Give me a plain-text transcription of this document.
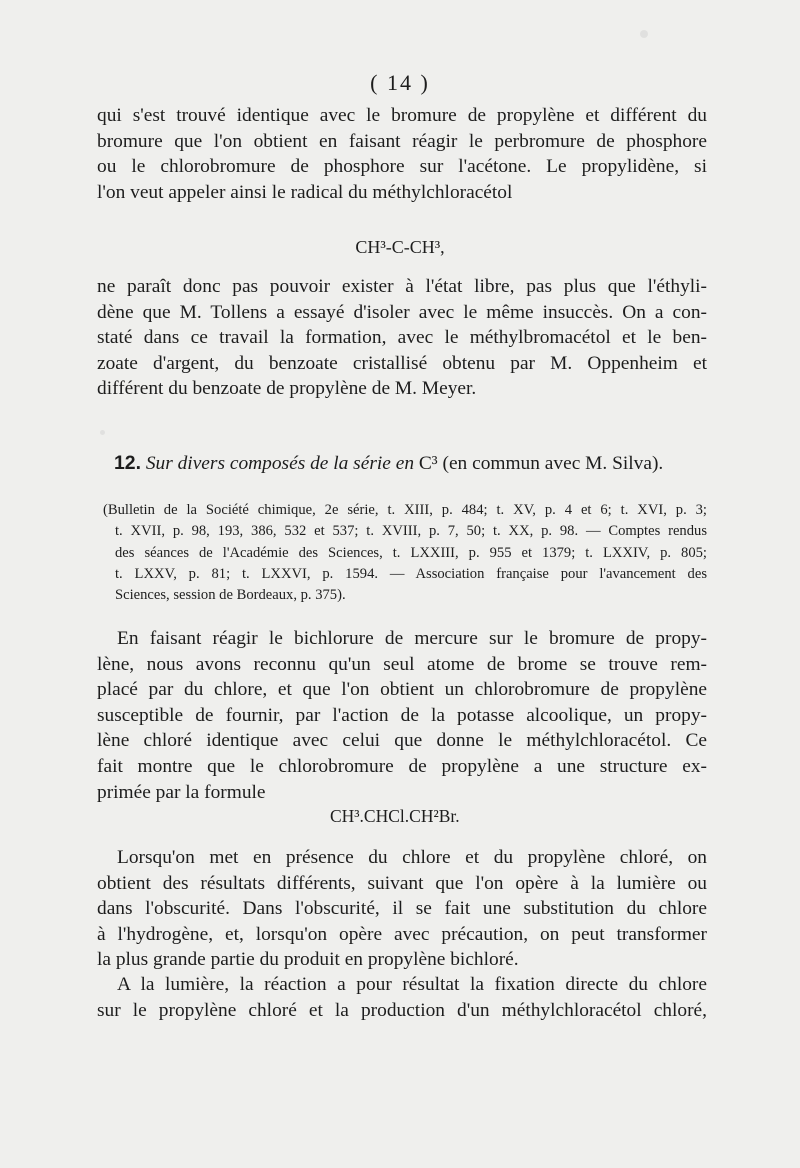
( 14 )
qui s'est trouvé identique avec le bromure de propylène et différent du
bromure que l'on obtient en faisant réagir le perbromure de phosphore
ou le chlorobromure de phosphore sur l'acétone. Le propylidène, si
l'on veut appeler ainsi le radical du méthylchloracétol
CH³-C-CH³,
ne paraît donc pas pouvoir exister à l'état libre, pas plus que l'éthyli-
dène que M. Tollens a essayé d'isoler avec le même insuccès. On a con-
staté dans ce travail la formation, avec le méthylbromacétol et le ben-
zoate d'argent, du benzoate cristallisé obtenu par M. Oppenheim et
différent du benzoate de propylène de M. Meyer.
12. Sur divers composés de la série en C³ (en commun avec M. Silva).
(Bulletin de la Société chimique, 2e série, t. XIII, p. 484; t. XV, p. 4 et 6; t. XVI, p. 3;
t. XVII, p. 98, 193, 386, 532 et 537; t. XVIII, p. 7, 50; t. XX, p. 98. — Comptes rendus
des séances de l'Académie des Sciences, t. LXXIII, p. 955 et 1379; t. LXXIV, p. 805;
t. LXXV, p. 81; t. LXXVI, p. 1594. — Association française pour l'avancement des
Sciences, session de Bordeaux, p. 375).
En faisant réagir le bichlorure de mercure sur le bromure de propy-
lène, nous avons reconnu qu'un seul atome de brome se trouve rem-
placé par du chlore, et que l'on obtient un chlorobromure de propylène
susceptible de fournir, par l'action de la potasse alcoolique, un propy-
lène chloré identique avec celui que donne le méthylchloracétol. Ce
fait montre que le chlorobromure de propylène a une structure ex-
primée par la formule
CH³.CHCl.CH²Br.
Lorsqu'on met en présence du chlore et du propylène chloré, on
obtient des résultats différents, suivant que l'on opère à la lumière ou
dans l'obscurité. Dans l'obscurité, il se fait une substitution du chlore
à l'hydrogène, et, lorsqu'on opère avec précaution, on peut transformer
la plus grande partie du produit en propylène bichloré.
A la lumière, la réaction a pour résultat la fixation directe du chlore
sur le propylène chloré et la production d'un méthylchloracétol chloré,
